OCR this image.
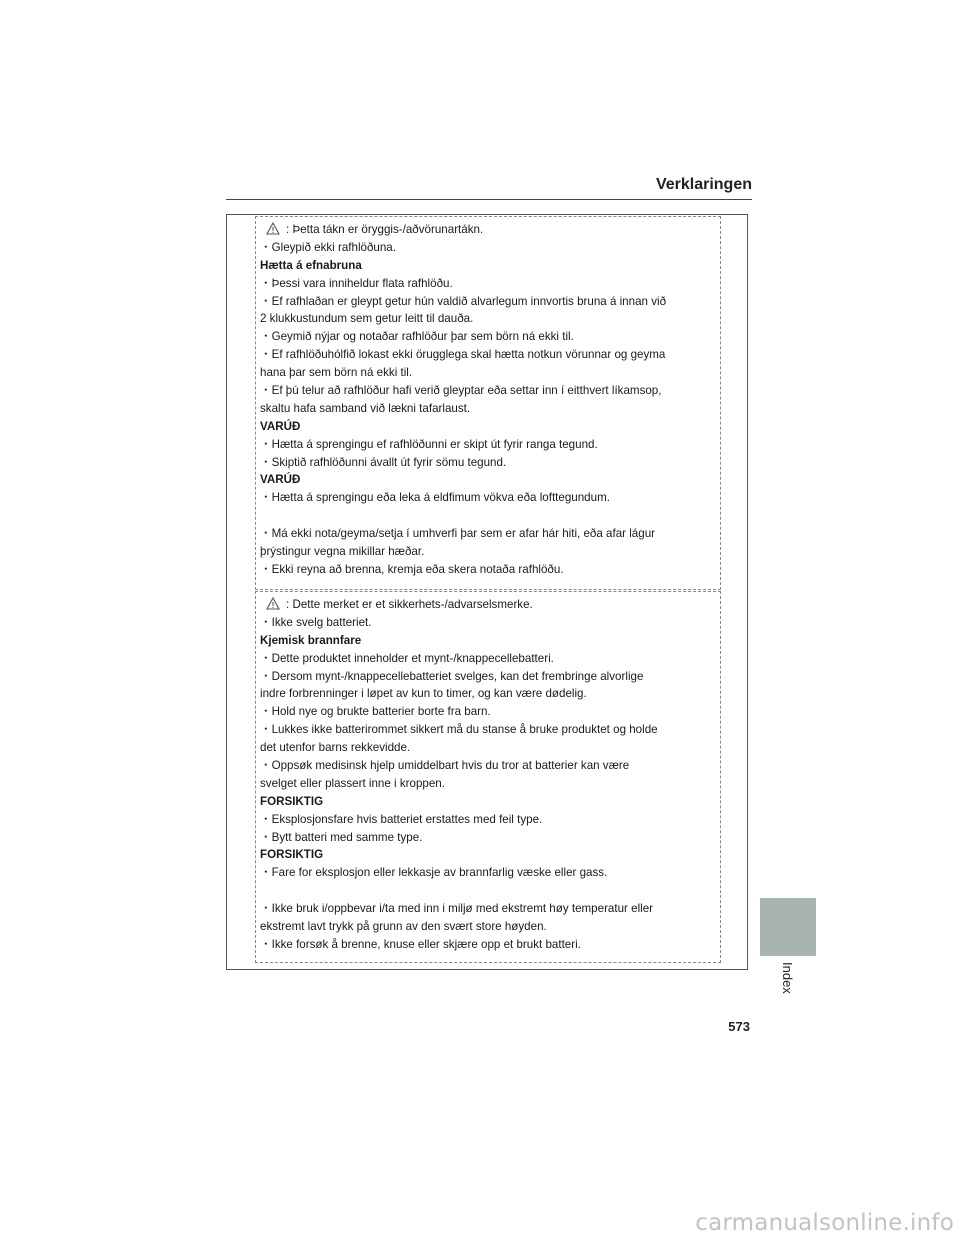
Verklaringen
: Þetta tákn er öryggis-/aðvörunartákn.
・Gleypið ekki rafhlöðuna.
Hætta á efnabruna
・Þessi vara inniheldur flata rafhlöðu.
・Ef rafhlaðan er gleypt getur hún valdið alvarlegum innvortis bruna á innan við
2 klukkustundum sem getur leitt til dauða.
・Geymið nýjar og notaðar rafhlöður þar sem börn ná ekki til.
・Ef rafhlöðuhólfið lokast ekki örugglega skal hætta notkun vörunnar og geyma
hana þar sem börn ná ekki til.
・Ef þú telur að rafhlöður hafi verið gleyptar eða settar inn í eitthvert líkamsop,
skaltu hafa samband við lækni tafarlaust.
VARÚÐ
・Hætta á sprengingu ef rafhlöðunni er skipt út fyrir ranga tegund.
・Skiptið rafhlöðunni ávallt út fyrir sömu tegund.
VARÚÐ
・Hætta á sprengingu eða leka á eldfimum vökva eða lofttegundum.
・Má ekki nota/geyma/setja í umhverfi þar sem er afar hár hiti, eða afar lágur
þrýstingur vegna mikillar hæðar.
・Ekki reyna að brenna, kremja eða skera notaða rafhlöðu.
: Dette merket er et sikkerhets-/advarselsmerke.
・Ikke svelg batteriet.
Kjemisk brannfare
・Dette produktet inneholder et mynt-/knappecellebatteri.
・Dersom mynt-/knappecellebatteriet svelges, kan det frembringe alvorlige
indre forbrenninger i løpet av kun to timer, og kan være dødelig.
・Hold nye og brukte batterier borte fra barn.
・Lukkes ikke batterirommet sikkert må du stanse å bruke produktet og holde
det utenfor barns rekkevidde.
・Oppsøk medisinsk hjelp umiddelbart hvis du tror at batterier kan være
svelget eller plassert inne i kroppen.
FORSIKTIG
・Eksplosjonsfare hvis batteriet erstattes med feil type.
・Bytt batteri med samme type.
FORSIKTIG
・Fare for eksplosjon eller lekkasje av brannfarlig væske eller gass.
・Ikke bruk i/oppbevar i/ta med inn i miljø med ekstremt høy temperatur eller
ekstremt lavt trykk på grunn av den svært store høyden.
・Ikke forsøk å brenne, knuse eller skjære opp et brukt batteri.
Index
573
carmanualsonline.info
